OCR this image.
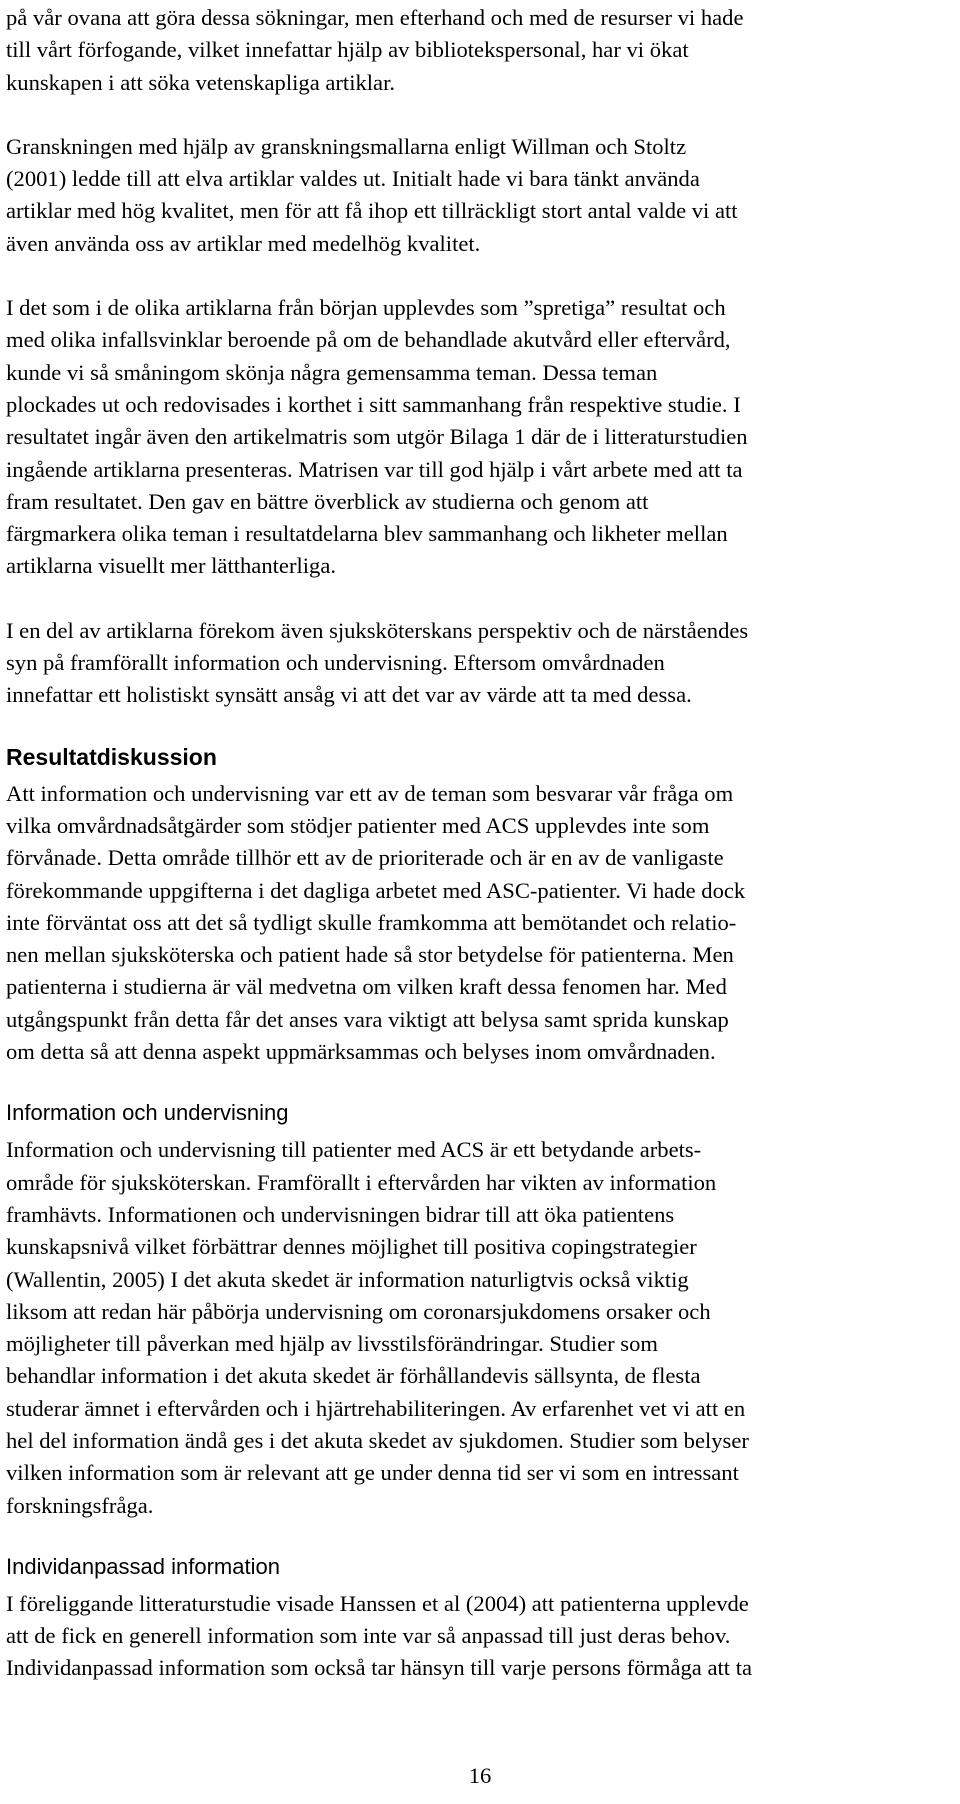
på vår ovana att göra dessa sökningar, men efterhand och med de resurser vi hade
till vårt förfogande, vilket innefattar hjälp av bibliotekspersonal, har vi ökat
kunskapen i att söka vetenskapliga artiklar.

Granskningen med hjälp av granskningsmallarna enligt Willman och Stoltz
(2001) ledde till att elva artiklar valdes ut. Initialt hade vi bara tänkt använda
artiklar med hög kvalitet, men för att få ihop ett tillräckligt stort antal valde vi att
även använda oss av artiklar med medelhög kvalitet.

I det som i de olika artiklarna från början upplevdes som ”spretiga” resultat och
med olika infallsvinklar beroende på om de behandlade akutvård eller eftervård,
kunde vi så småningom skönja några gemensamma teman. Dessa teman
plockades ut och redovisades i korthet i sitt sammanhang från respektive studie. I
resultatet ingår även den artikelmatris som utgör Bilaga 1 där de i litteraturstudien
ingående artiklarna presenteras. Matrisen var till god hjälp i vårt arbete med att ta
fram resultatet. Den gav en bättre överblick av studierna och genom att
färgmarkera olika teman i resultatdelarna blev sammanhang och likheter mellan
artiklarna visuellt mer lätthanterliga.

I en del av artiklarna förekom även sjuksköterskans perspektiv och de närståendes
syn på framförallt information och undervisning. Eftersom omvårdnaden
innefattar ett holistiskt synsätt ansåg vi att det var av värde att ta med dessa.

Resultatdiskussion

Att information och undervisning var ett av de teman som besvarar vår fråga om
vilka omvårdnadsåtgärder som stödjer patienter med ACS upplevdes inte som
förvånade. Detta område tillhör ett av de prioriterade och är en av de vanligaste
förekommande uppgifterna i det dagliga arbetet med ASC-patienter. Vi hade dock
inte förväntat oss att det så tydligt skulle framkomma att bemötandet och relatio-
nen mellan sjuksköterska och patient hade så stor betydelse för patienterna. Men
patienterna i studierna är väl medvetna om vilken kraft dessa fenomen har. Med
utgångspunkt från detta får det anses vara viktigt att belysa samt sprida kunskap
om detta så att denna aspekt uppmärksammas och belyses inom omvårdnaden.

Information och undervisning

Information och undervisning till patienter med ACS är ett betydande arbets-
område för sjuksköterskan. Framförallt i eftervården har vikten av information
framhävts. Informationen och undervisningen bidrar till att öka patientens
kunskapsnivå vilket förbättrar dennes möjlighet till positiva copingstrategier
(Wallentin, 2005) I det akuta skedet är information naturligtvis också viktig
liksom att redan här påbörja undervisning om coronarsjukdomens orsaker och
möjligheter till påverkan med hjälp av livsstilsförändringar. Studier som
behandlar information i det akuta skedet är förhållandevis sällsynta, de flesta
studerar ämnet i eftervården och i hjärtrehabiliteringen. Av erfarenhet vet vi att en
hel del information ändå ges i det akuta skedet av sjukdomen. Studier som belyser
vilken information som är relevant att ge under denna tid ser vi som en intressant
forskningsfråga.

Individanpassad information

I föreliggande litteraturstudie visade Hanssen et al (2004) att patienterna upplevde
att de fick en generell information som inte var så anpassad till just deras behov.
Individanpassad information som också tar hänsyn till varje persons förmåga att ta

16
